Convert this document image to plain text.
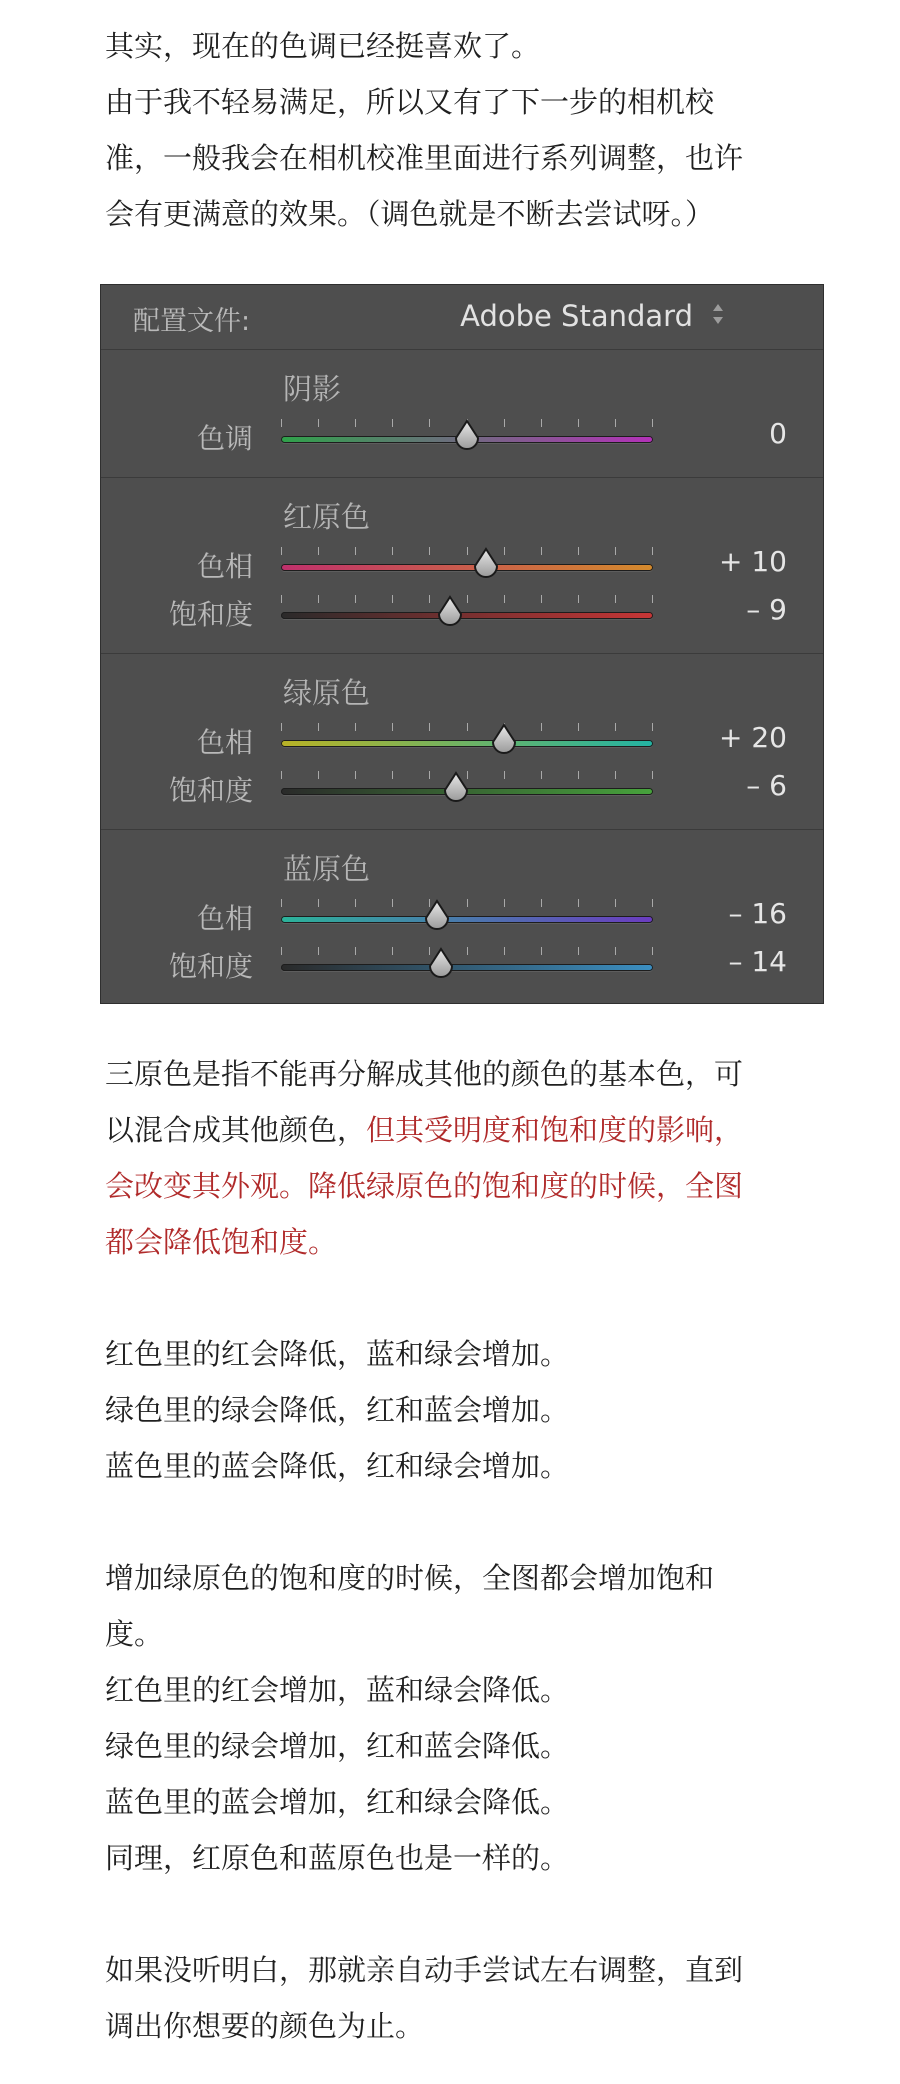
其实，现在的色调已经挺喜欢了。

由于我不轻易满足，所以又有了下一步的相机校

准，一般我会在相机校准里面进行系列调整，也许

会有更满意的效果。（调色就是不断去尝试呀。）

配置文件:	Adobe Standard
阴影
色调	0
红原色
色相	+ 10
饱和度	– 9
绿原色
色相	+ 20
饱和度	– 6
蓝原色
色相	– 16
饱和度	– 14

三原色是指不能再分解成其他的颜色的基本色，可

以混合成其他颜色，但其受明度和饱和度的影响，

会改变其外观。降低绿原色的饱和度的时候，全图

都会降低饱和度。

红色里的红会降低，蓝和绿会增加。

绿色里的绿会降低，红和蓝会增加。

蓝色里的蓝会降低，红和绿会增加。

增加绿原色的饱和度的时候，全图都会增加饱和

度。

红色里的红会增加，蓝和绿会降低。

绿色里的绿会增加，红和蓝会降低。

蓝色里的蓝会增加，红和绿会降低。

同理，红原色和蓝原色也是一样的。

如果没听明白，那就亲自动手尝试左右调整，直到

调出你想要的颜色为止。
